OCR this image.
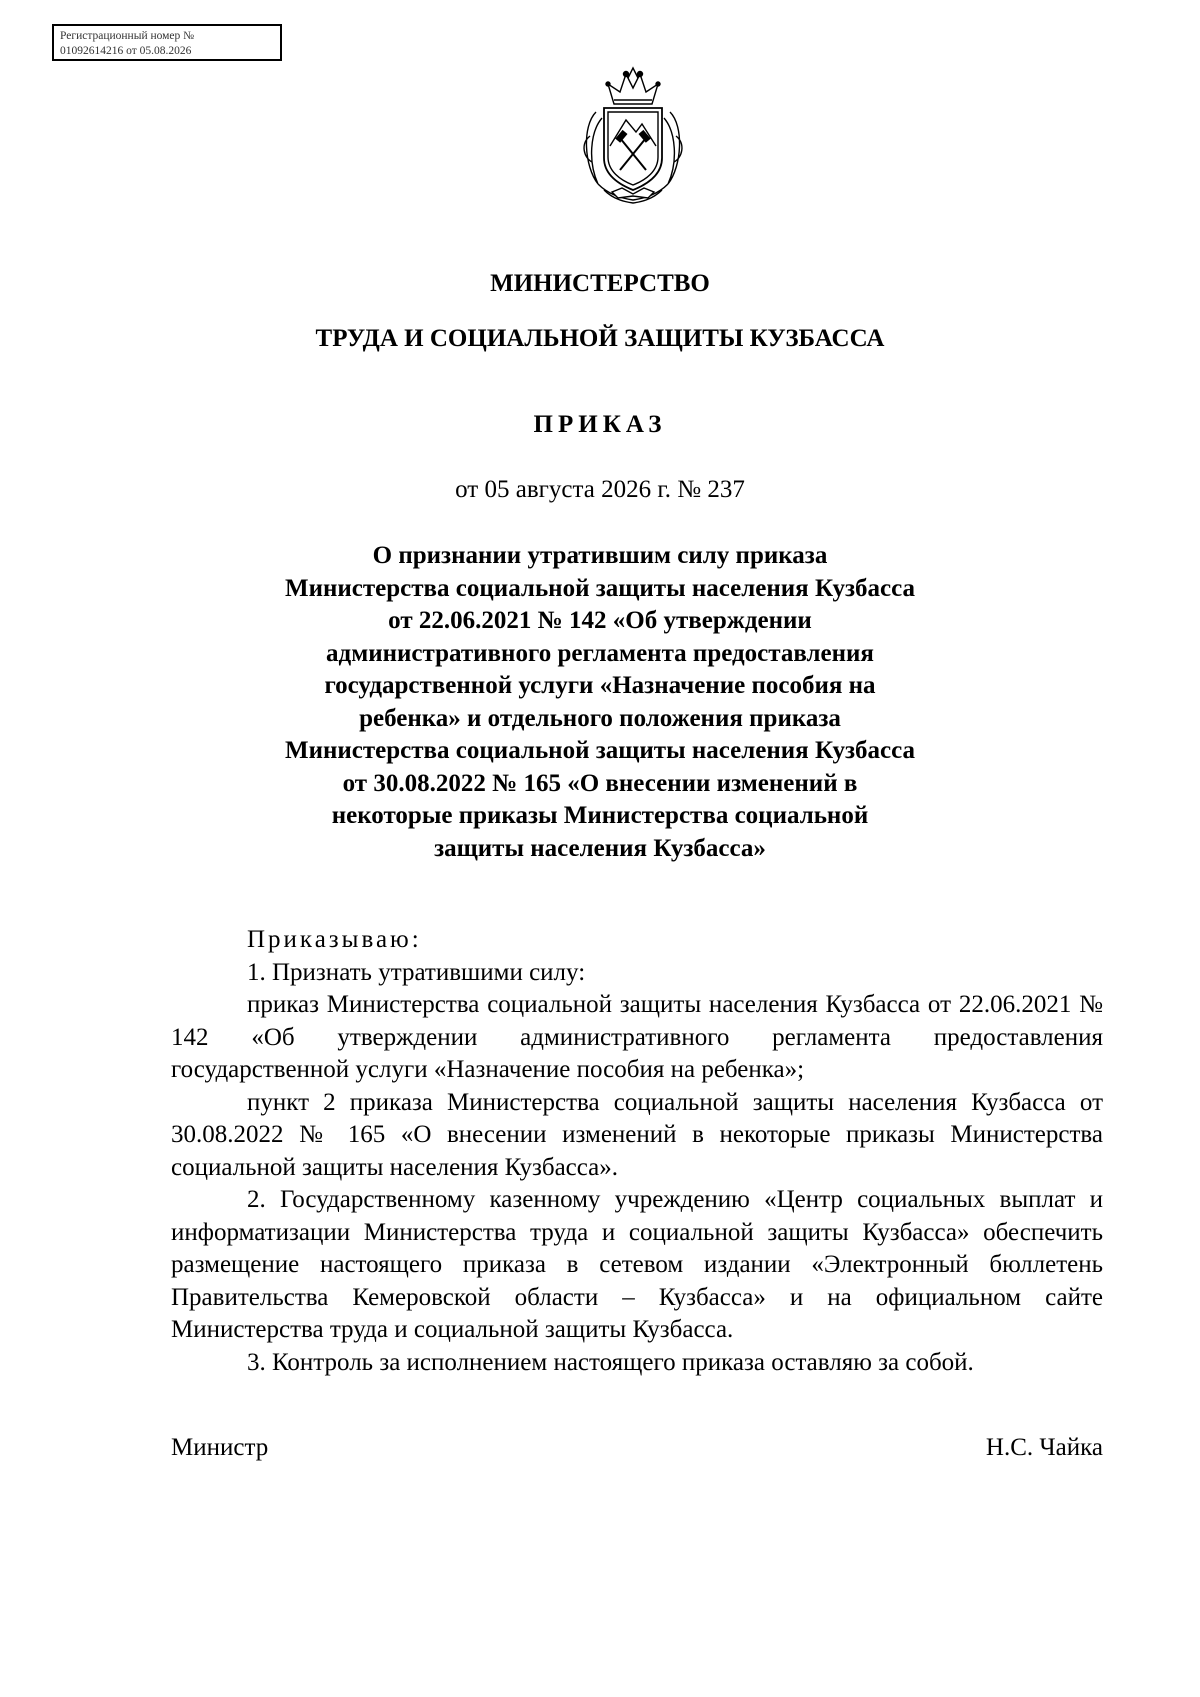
Регистрационный номер №
01092614216 от 05.08.2026
МИНИСТЕРСТВО
ТРУДА И СОЦИАЛЬНОЙ ЗАЩИТЫ КУЗБАССА
ПРИКАЗ
от 05 августа 2026 г. № 237
О признании утратившим силу приказа
Министерства социальной защиты населения Кузбасса
от 22.06.2021 № 142 «Об утверждении
административного регламента предоставления
государственной услуги «Назначение пособия на
ребенка» и отдельного положения приказа
Министерства социальной защиты населения Кузбасса
от 30.08.2022 № 165 «О внесении изменений в
некоторые приказы Министерства социальной
защиты населения Кузбасса»

Приказываю:

1. Признать утратившими силу:

приказ Министерства социальной защиты населения Кузбасса от 22.06.2021 № 142 «Об утверждении административного регламента предоставления государственной услуги «Назначение пособия на ребенка»;

пункт 2 приказа Министерства социальной защиты населения Кузбасса от 30.08.2022 № 165 «О внесении изменений в некоторые приказы Министерства социальной защиты населения Кузбасса».

2. Государственному казенному учреждению «Центр социальных выплат и информатизации Министерства труда и социальной защиты Кузбасса» обеспечить размещение настоящего приказа в сетевом издании «Электронный бюллетень Правительства Кемеровской области – Кузбасса» и на официальном сайте Министерства труда и социальной защиты Кузбасса.

3. Контроль за исполнением настоящего приказа оставляю за собой.

Министр	Н.С. Чайка
